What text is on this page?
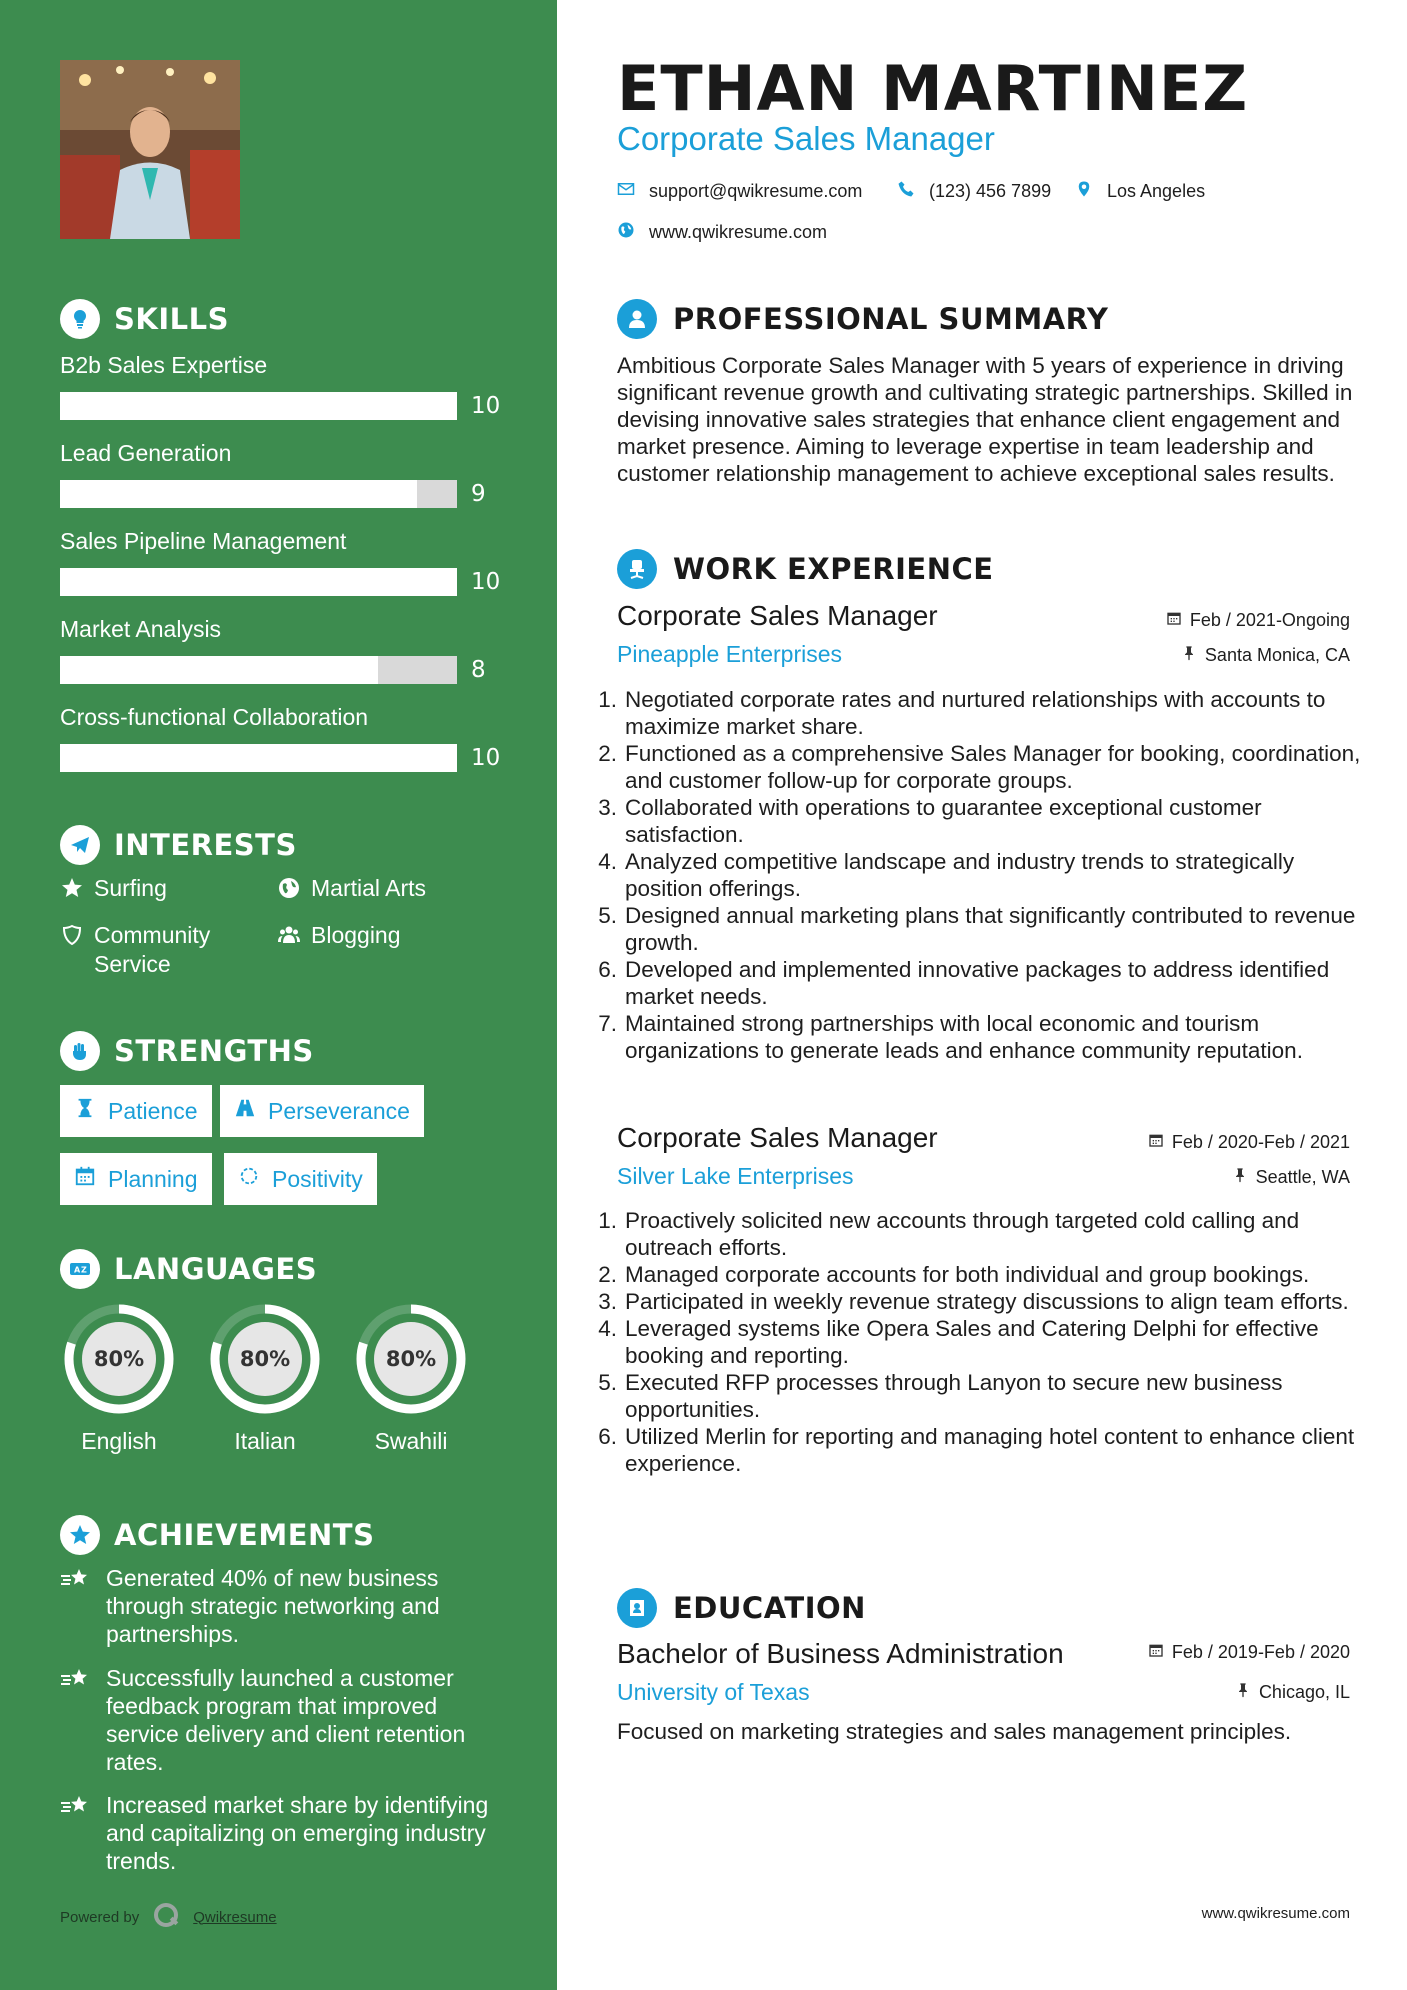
SKILLS
B2b Sales Expertise
10
Lead Generation
9
Sales Pipeline Management
10
Market Analysis
8
Cross-functional Collaboration
10
INTERESTS
Surfing	Martial Arts
Community Service
Blogging
STRENGTHS
Patience	Perseverance
Planning	Positivity
A Z LANGUAGES
80%
English
80%
Italian
80%
Swahili
ACHIEVEMENTS
Generated 40% of new business through strategic networking and partnerships.
Successfully launched a customer feedback program that improved service delivery and client retention rates.
Increased market share by identifying and capitalizing on emerging industry trends.
Powered by	Qwikresume
ETHAN MARTINEZ
Corporate Sales Manager
support@qwikresume.com	(123) 456 7899	Los Angeles
www.qwikresume.com
PROFESSIONAL SUMMARY
Ambitious Corporate Sales Manager with 5 years of experience in driving significant revenue growth and cultivating strategic partnerships. Skilled in devising innovative sales strategies that enhance client engagement and market presence. Aiming to leverage expertise in team leadership and customer relationship management to achieve exceptional sales results.
WORK EXPERIENCE
Corporate Sales Manager	Feb / 2021-Ongoing
Pineapple Enterprises	Santa Monica, CA
1. Negotiated corporate rates and nurtured relationships with accounts to maximize market share.
2. Functioned as a comprehensive Sales Manager for booking, coordination, and customer follow-up for corporate groups.
3. Collaborated with operations to guarantee exceptional customer satisfaction.
4. Analyzed competitive landscape and industry trends to strategically position offerings.
5. Designed annual marketing plans that significantly contributed to revenue growth.
6. Developed and implemented innovative packages to address identified market needs.
7. Maintained strong partnerships with local economic and tourism organizations to generate leads and enhance community reputation.
Corporate Sales Manager	Feb / 2020-Feb / 2021
Silver Lake Enterprises	Seattle, WA
1. Proactively solicited new accounts through targeted cold calling and outreach efforts.
2. Managed corporate accounts for both individual and group bookings.
3. Participated in weekly revenue strategy discussions to align team efforts.
4. Leveraged systems like Opera Sales and Catering Delphi for effective booking and reporting.
5. Executed RFP processes through Lanyon to secure new business opportunities.
6. Utilized Merlin for reporting and managing hotel content to enhance client experience.
EDUCATION
Bachelor of Business Administration	Feb / 2019-Feb / 2020
University of Texas	Chicago, IL
Focused on marketing strategies and sales management principles.
www.qwikresume.com
